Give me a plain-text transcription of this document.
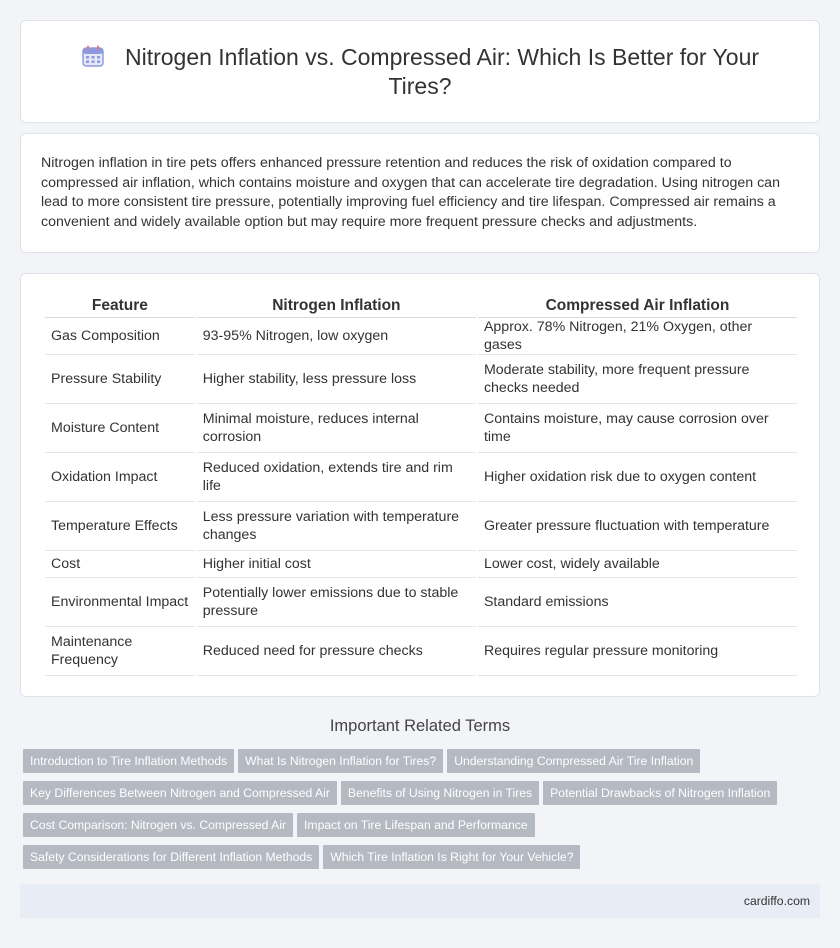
Nitrogen Inflation vs. Compressed Air: Which Is Better for Your Tires?

Nitrogen inflation in tire pets offers enhanced pressure retention and reduces the risk of oxidation compared to compressed air inflation, which contains moisture and oxygen that can accelerate tire degradation. Using nitrogen can lead to more consistent tire pressure, potentially improving fuel efficiency and tire lifespan. Compressed air remains a convenient and widely available option but may require more frequent pressure checks and adjustments.

Feature	Nitrogen Inflation	Compressed Air Inflation
Gas Composition	93-95% Nitrogen, low oxygen	Approx. 78% Nitrogen, 21% Oxygen, other gases
Pressure Stability	Higher stability, less pressure loss	Moderate stability, more frequent pressure checks needed
Moisture Content	Minimal moisture, reduces internal corrosion	Contains moisture, may cause corrosion over time
Oxidation Impact	Reduced oxidation, extends tire and rim life	Higher oxidation risk due to oxygen content
Temperature Effects	Less pressure variation with temperature changes	Greater pressure fluctuation with temperature
Cost	Higher initial cost	Lower cost, widely available
Environmental Impact	Potentially lower emissions due to stable pressure	Standard emissions
Maintenance Frequency	Reduced need for pressure checks	Requires regular pressure monitoring
Important Related Terms
Introduction to Tire Inflation Methods What Is Nitrogen Inflation for Tires? Understanding Compressed Air Tire Inflation
Key Differences Between Nitrogen and Compressed Air Benefits of Using Nitrogen in Tires Potential Drawbacks of Nitrogen Inflation
Cost Comparison: Nitrogen vs. Compressed Air Impact on Tire Lifespan and Performance
Safety Considerations for Different Inflation Methods Which Tire Inflation Is Right for Your Vehicle?
cardiffo.com
